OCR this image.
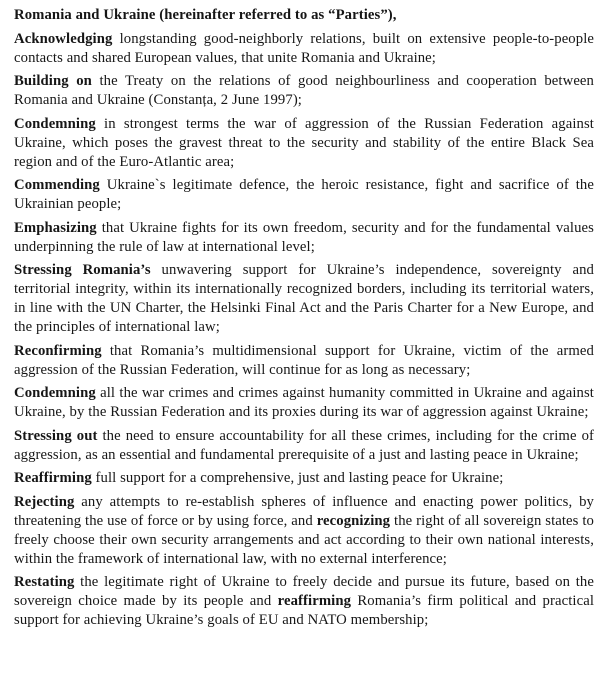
Romania and Ukraine (hereinafter referred to as “Parties”),

Acknowledging longstanding good-neighborly relations, built on extensive people-to-people contacts and shared European values, that unite Romania and Ukraine;

Building on the Treaty on the relations of good neighbourliness and cooperation between Romania and Ukraine (Constanța, 2 June 1997);

Condemning in strongest terms the war of aggression of the Russian Federation against Ukraine, which poses the gravest threat to the security and stability of the entire Black Sea region and of the Euro-Atlantic area;

Commending Ukraine`s legitimate defence, the heroic resistance, fight and sacrifice of the Ukrainian people;

Emphasizing that Ukraine fights for its own freedom, security and for the fundamental values underpinning the rule of law at international level;

Stressing Romania’s unwavering support for Ukraine’s independence, sovereignty and territorial integrity, within its internationally recognized borders, including its territorial waters, in line with the UN Charter, the Helsinki Final Act and the Paris Charter for a New Europe, and the principles of international law;

Reconfirming that Romania’s multidimensional support for Ukraine, victim of the armed aggression of the Russian Federation, will continue for as long as necessary;

Condemning all the war crimes and crimes against humanity committed in Ukraine and against Ukraine, by the Russian Federation and its proxies during its war of aggression against Ukraine;

Stressing out the need to ensure accountability for all these crimes, including for the crime of aggression, as an essential and fundamental prerequisite of a just and lasting peace in Ukraine;

Reaffirming full support for a comprehensive, just and lasting peace for Ukraine;

Rejecting any attempts to re-establish spheres of influence and enacting power politics, by threatening the use of force or by using force, and recognizing the right of all sovereign states to freely choose their own security arrangements and act according to their own national interests, within the framework of international law, with no external interference;

Restating the legitimate right of Ukraine to freely decide and pursue its future, based on the sovereign choice made by its people and reaffirming Romania’s firm political and practical support for achieving Ukraine’s goals of EU and NATO membership;
